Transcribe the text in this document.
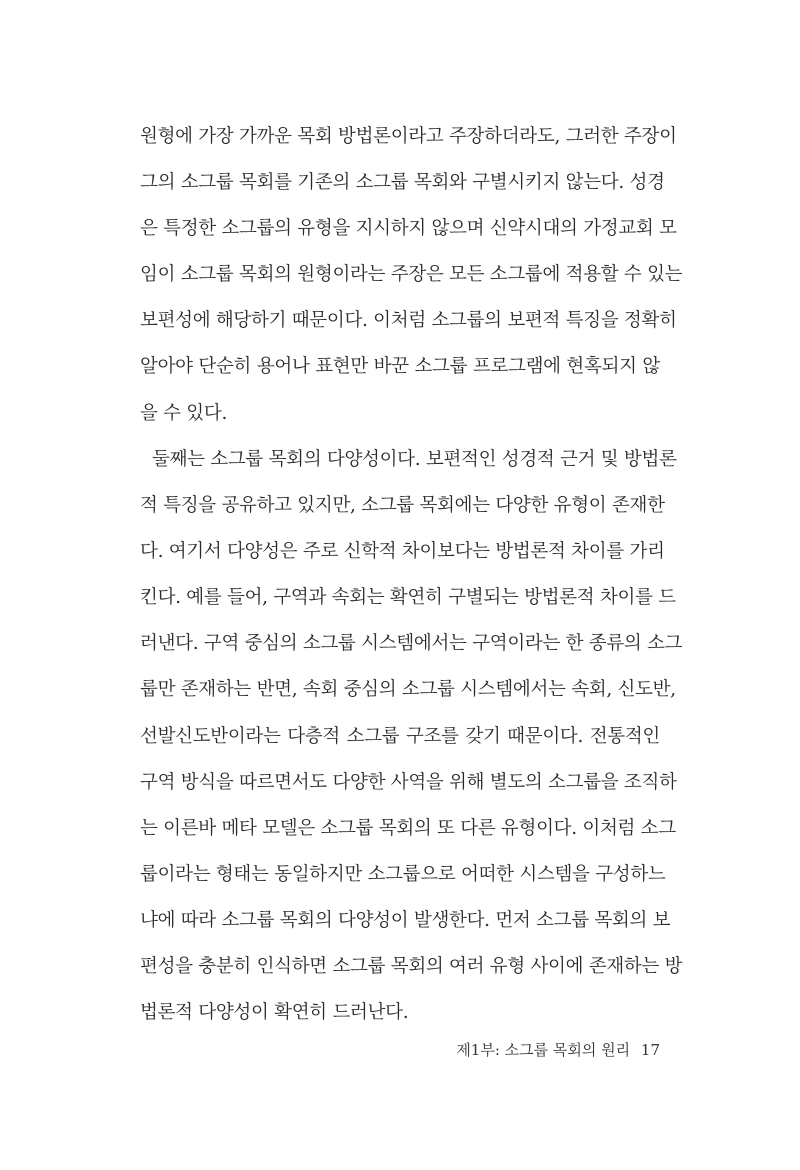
원형에 가장 가까운 목회 방법론이라고 주장하더라도, 그러한 주장이
그의 소그룹 목회를 기존의 소그룹 목회와 구별시키지 않는다. 성경
은 특정한 소그룹의 유형을 지시하지 않으며 신약시대의 가정교회 모
임이 소그룹 목회의 원형이라는 주장은 모든 소그룹에 적용할 수 있는
보편성에 해당하기 때문이다. 이처럼 소그룹의 보편적 특징을 정확히
알아야 단순히 용어나 표현만 바꾼 소그룹 프로그램에 현혹되지 않
을 수 있다.
둘째는 소그룹 목회의 다양성이다. 보편적인 성경적 근거 및 방법론
적 특징을 공유하고 있지만, 소그룹 목회에는 다양한 유형이 존재한
다. 여기서 다양성은 주로 신학적 차이보다는 방법론적 차이를 가리
킨다. 예를 들어, 구역과 속회는 확연히 구별되는 방법론적 차이를 드
러낸다. 구역 중심의 소그룹 시스템에서는 구역이라는 한 종류의 소그
룹만 존재하는 반면, 속회 중심의 소그룹 시스템에서는 속회, 신도반,
선발신도반이라는 다층적 소그룹 구조를 갖기 때문이다. 전통적인
구역 방식을 따르면서도 다양한 사역을 위해 별도의 소그룹을 조직하
는 이른바 메타 모델은 소그룹 목회의 또 다른 유형이다. 이처럼 소그
룹이라는 형태는 동일하지만 소그룹으로 어떠한 시스템을 구성하느
냐에 따라 소그룹 목회의 다양성이 발생한다. 먼저 소그룹 목회의 보
편성을 충분히 인식하면 소그룹 목회의 여러 유형 사이에 존재하는 방
법론적 다양성이 확연히 드러난다.
제1부: 소그룹 목회의 원리 17
